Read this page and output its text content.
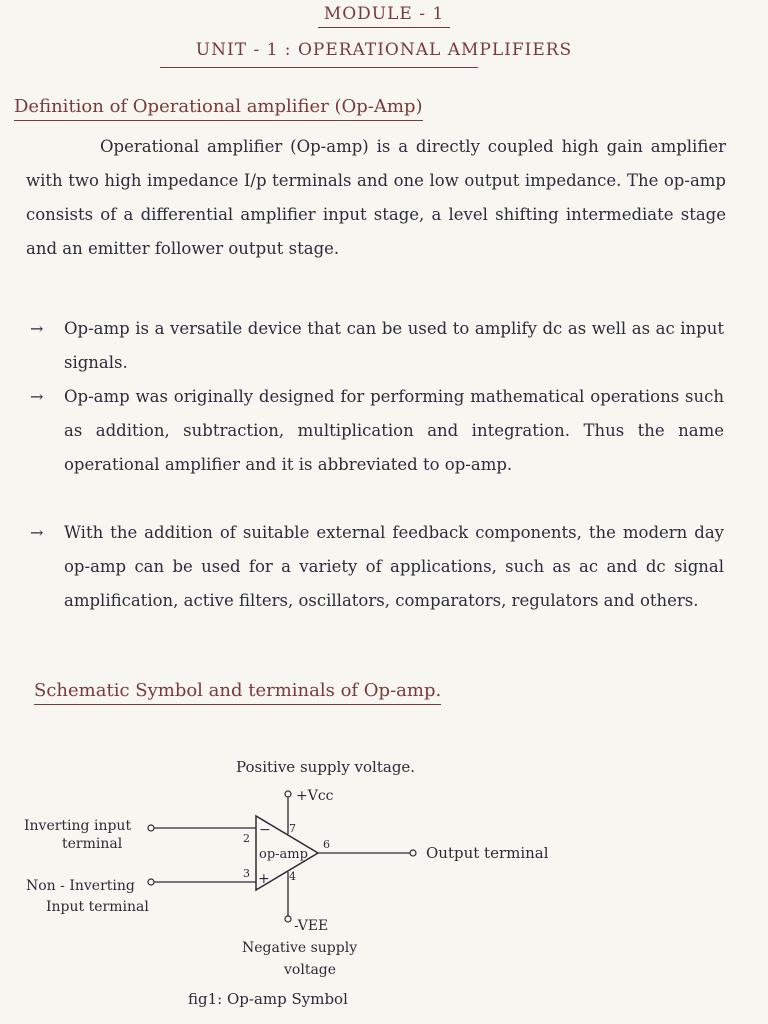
MODULE - 1
UNIT - 1 : OPERATIONAL AMPLIFIERS
Definition of Operational amplifier (Op-Amp)
Operational amplifier (Op-amp) is a directly coupled high gain amplifier with two high impedance I/p terminals and one low output impedance. The op-amp consists of a differential amplifier input stage, a level shifting intermediate stage and an emitter follower output stage.
→ Op-amp is a versatile device that can be used to amplify dc as well as ac input signals.
→ Op-amp was originally designed for performing mathematical operations such as addition, subtraction, multiplication and integration. Thus the name operational amplifier and it is abbreviated to op-amp.
→ With the addition of suitable external feedback components, the modern day op-amp can be used for a variety of applications, such as ac and dc signal amplification, active filters, oscillators, comparators, regulators and others.
Schematic Symbol and terminals of Op-amp.
Positive supply voltage.
+Vcc
op-amp
−
+
Inverting input
terminal	2
Non - Inverting
Input terminal
3
7
4
-VEE
6	Output terminal
Negative supply
voltage
fig1: Op-amp Symbol
